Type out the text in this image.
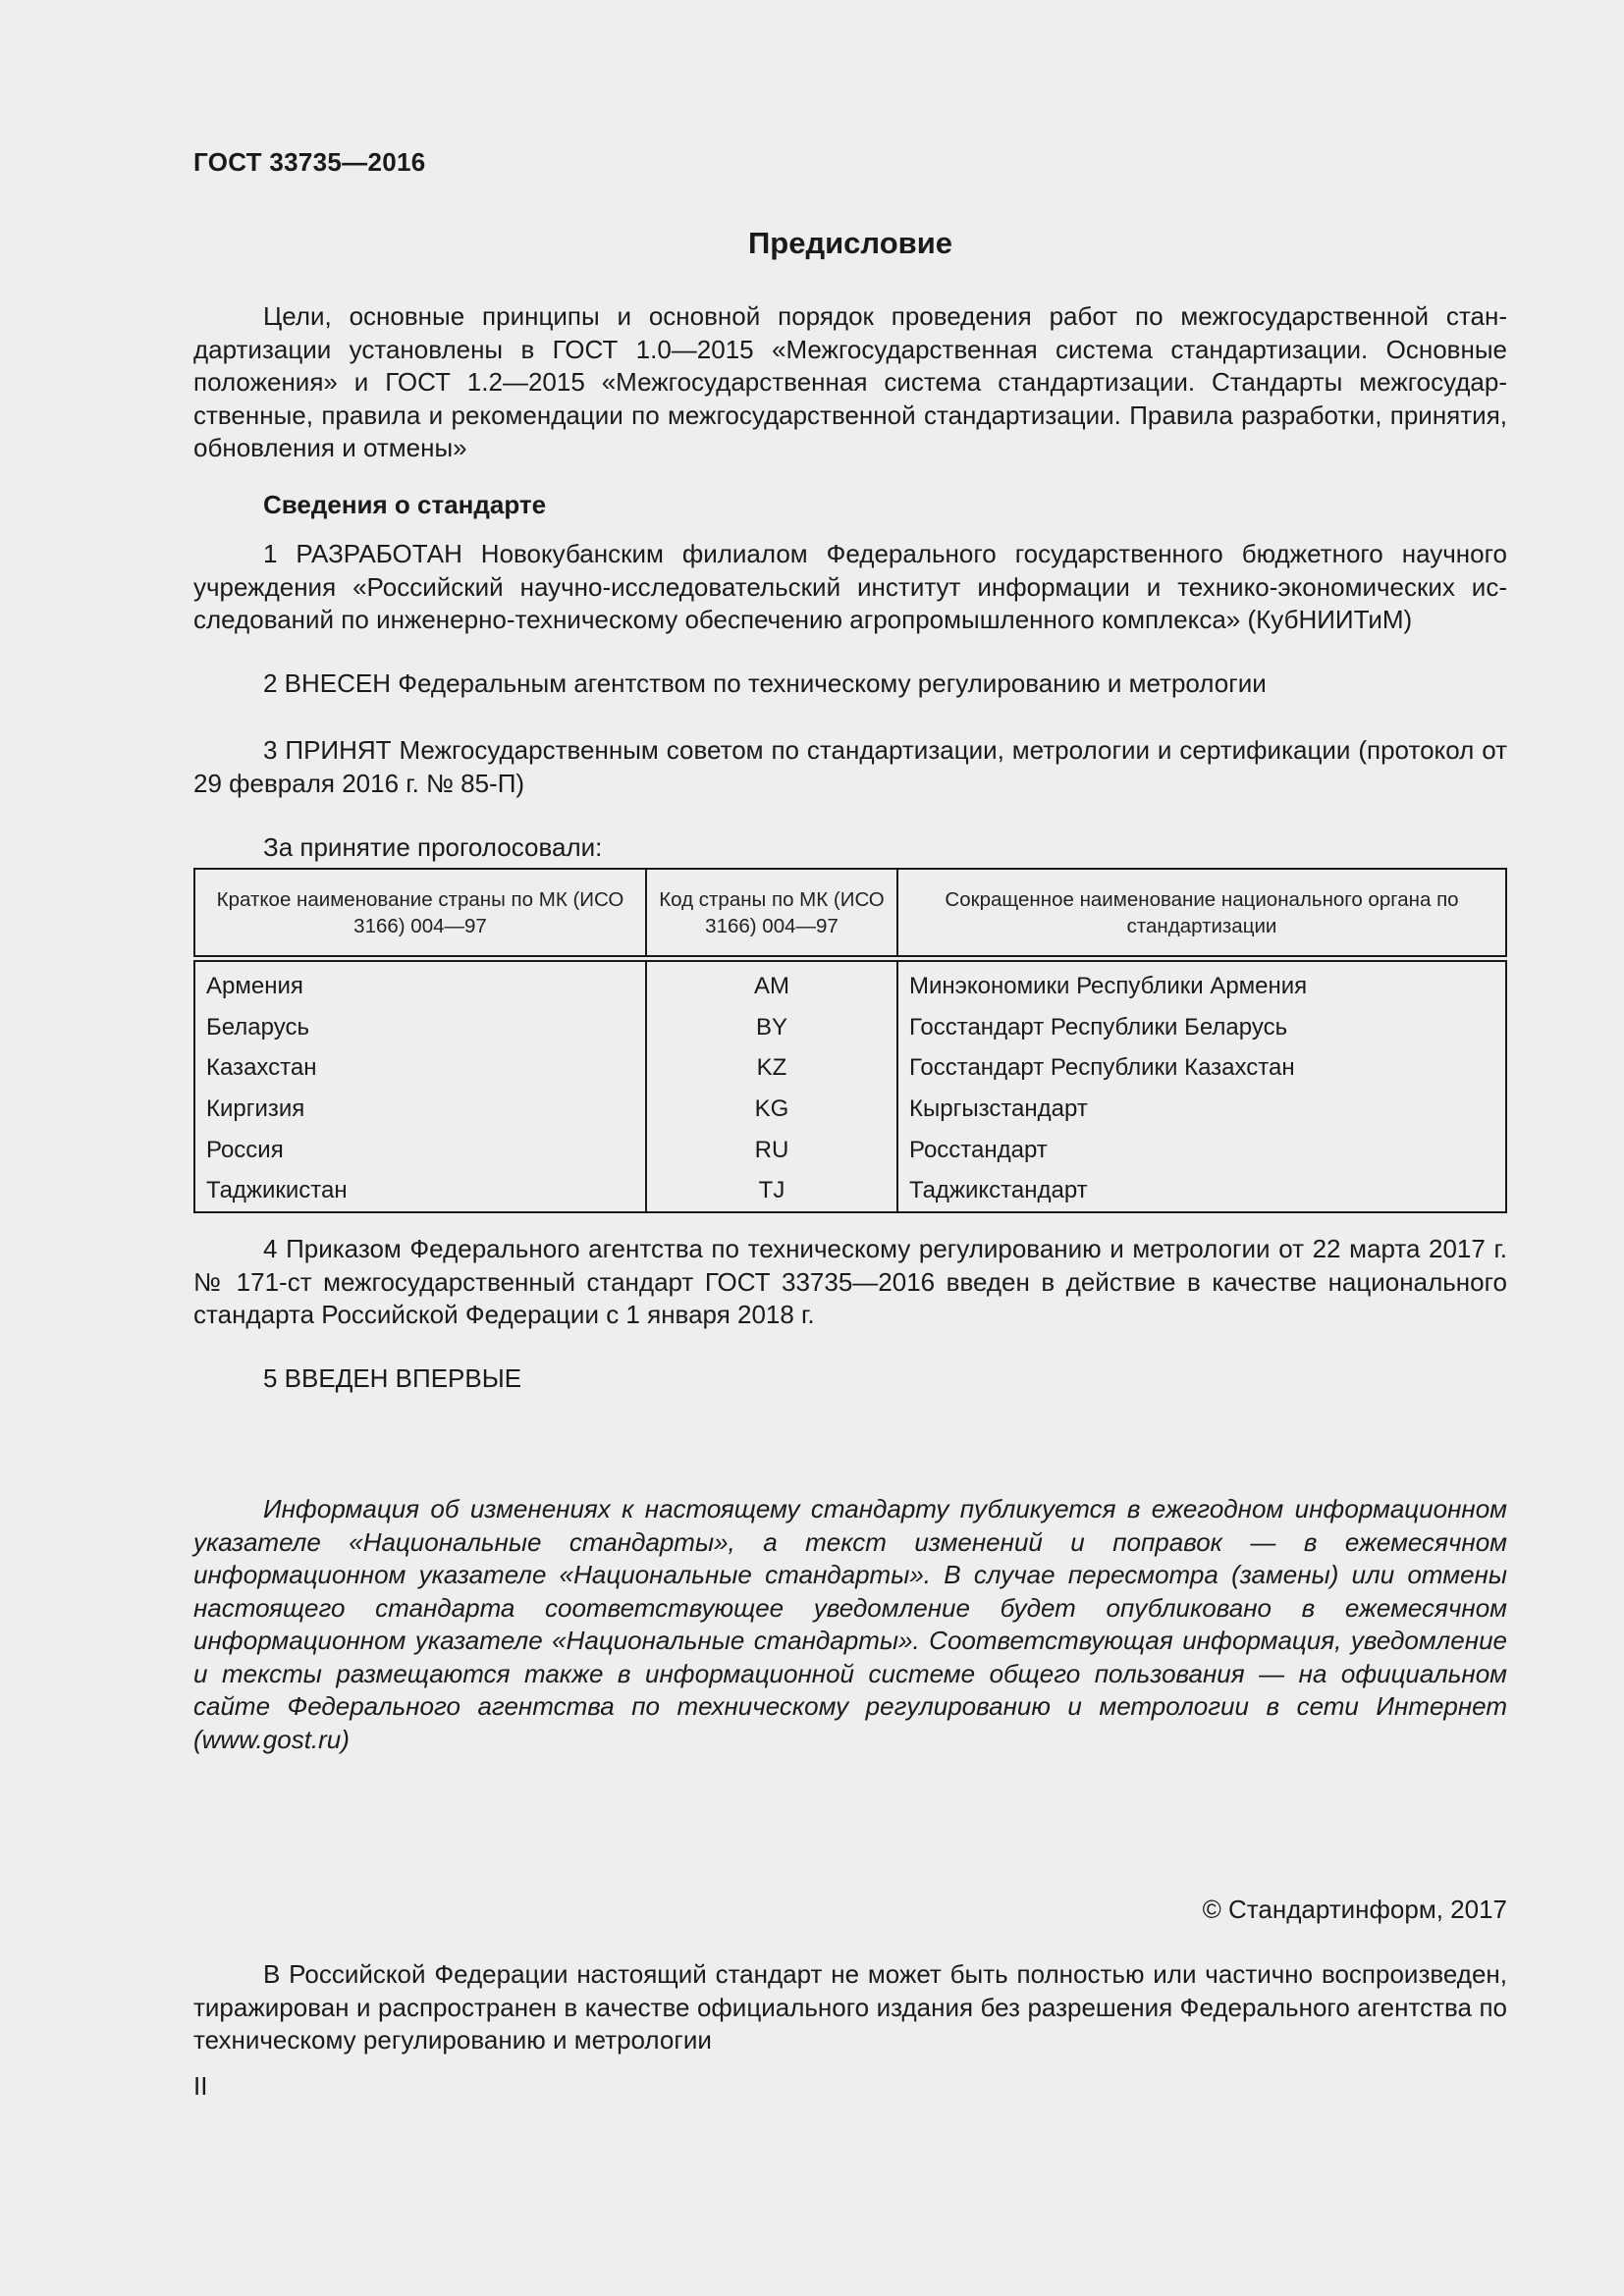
ГОСТ 33735—2016
Предисловие

Цели, основные принципы и основной порядок проведения работ по межгосударственной стандартизации установлены в ГОСТ 1.0—2015 «Межгосударственная система стандартизации. Основные положения» и ГОСТ 1.2—2015 «Межгосударственная система стандартизации. Стандарты межгосударственные, правила и рекомендации по межгосударственной стандартизации. Правила разработки, принятия, обновления и отмены»

Сведения о стандарте

1 РАЗРАБОТАН Новокубанским филиалом Федерального государственного бюджетного научного учреждения «Российский научно-исследовательский институт информации и технико-экономических исследований по инженерно-техническому обеспечению агропромышленного комплекса» (КубНИИТиМ)

2 ВНЕСЕН Федеральным агентством по техническому регулированию и метрологии

3 ПРИНЯТ Межгосударственным советом по стандартизации, метрологии и сертификации (протокол от 29 февраля 2016 г. № 85-П)

За принятие проголосовали:

Краткое наименование страны по МК (ИСО 3166) 004—97	Код страны по МК (ИСО 3166) 004—97	Сокращенное наименование национального органа по стандартизации
Армения	AM	Минэкономики Республики Армения
Беларусь	BY	Госстандарт Республики Беларусь
Казахстан	KZ	Госстандарт Республики Казахстан
Киргизия	KG	Кыргызстандарт
Россия	RU	Росстандарт
Таджикистан	TJ	Таджикстандарт

4 Приказом Федерального агентства по техническому регулированию и метрологии от 22 марта 2017 г. № 171-ст межгосударственный стандарт ГОСТ 33735—2016 введен в действие в качестве национального стандарта Российской Федерации с 1 января 2018 г.

5 ВВЕДЕН ВПЕРВЫЕ

Информация об изменениях к настоящему стандарту публикуется в ежегодном информационном указателе «Национальные стандарты», а текст изменений и поправок — в ежемесячном информационном указателе «Национальные стандарты». В случае пересмотра (замены) или отмены настоящего стандарта соответствующее уведомление будет опубликовано в ежемесячном информационном указателе «Национальные стандарты». Соответствующая информация, уведомление и тексты размещаются также в информационной системе общего пользования — на официальном сайте Федерального агентства по техническому регулированию и метрологии в сети Интернет (www.gost.ru)

© Стандартинформ, 2017

В Российской Федерации настоящий стандарт не может быть полностью или частично воспроизведен, тиражирован и распространен в качестве официального издания без разрешения Федерального агентства по техническому регулированию и метрологии

II
